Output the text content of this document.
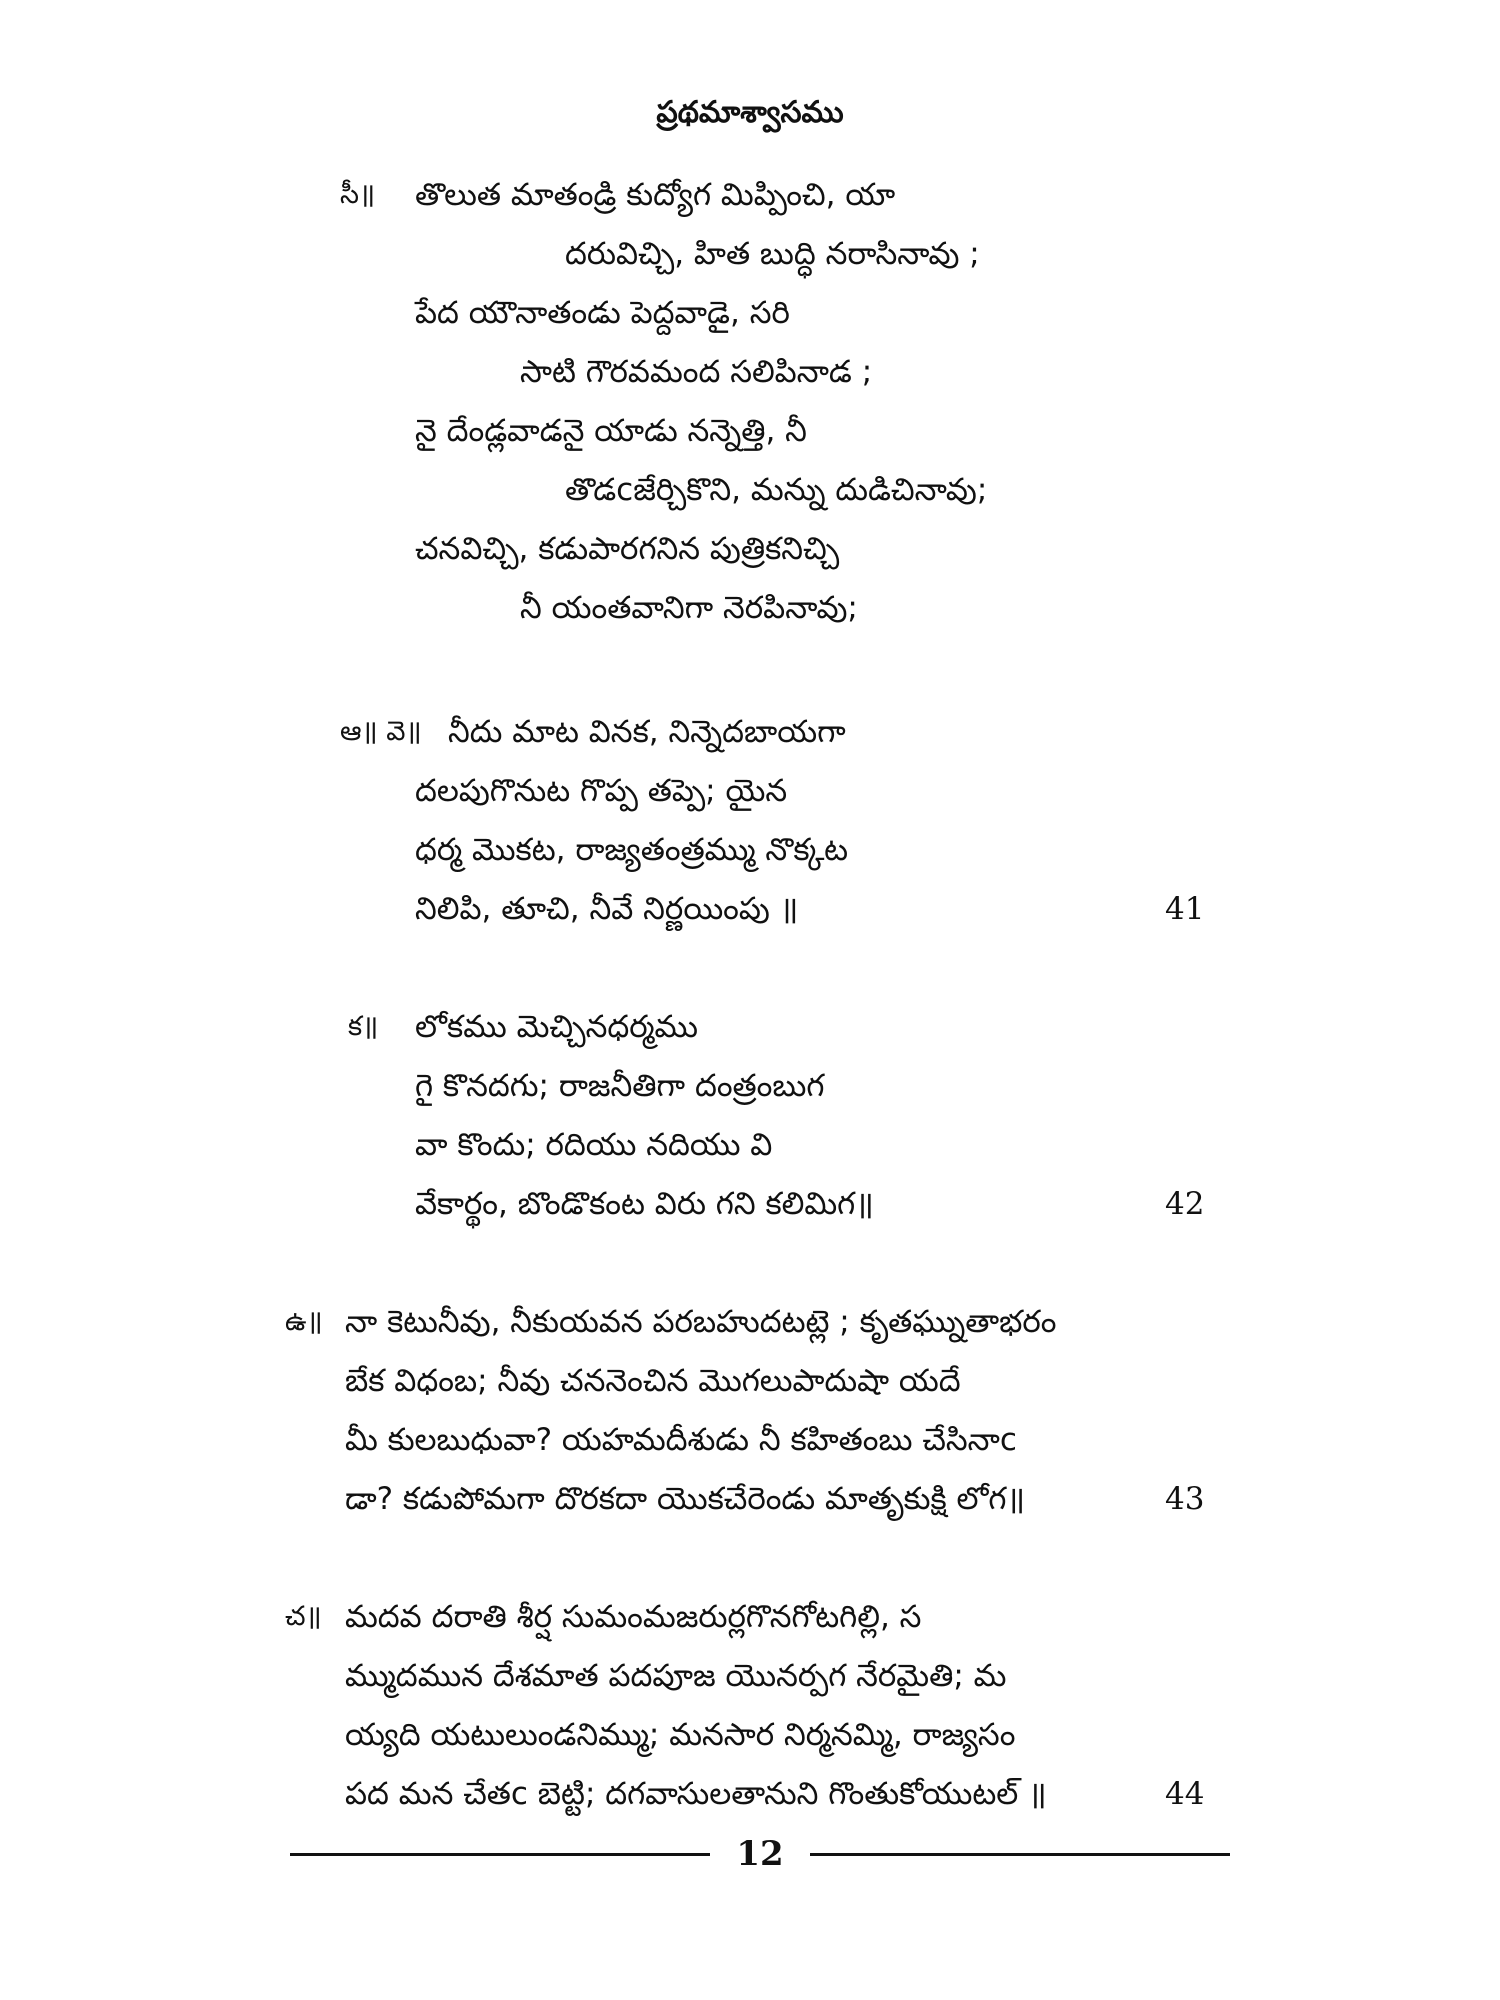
ప్రథమాశ్వాసము
సీ॥ తొలుత మాతండ్రి కుద్యోగ మిప్పించి, యా
దరువిచ్చి, హిత బుద్ధి నరాసినావు ;
పేద యౌనాతండు పెద్దవాడై, సరి
సాటి గౌరవమంద సలిపినాడ ;
నై దేండ్లవాడనై యాడు నన్నెత్తి, నీ
తొడcజేర్చికొని, మన్ను దుడిచినావు;
చనవిచ్చి, కడుపారగనిన పుత్రికనిచ్చి
నీ యంతవానిగా నెరపినావు;
ఆ॥ వె॥ నీదు మాట వినక, నిన్నెదబాయగా
దలపుగొనుట గొప్ప తప్పె; యైన
ధర్మ మొకట, రాజ్యతంత్రమ్ము నొక్కట
నిలిపి, తూచి, నీవే నిర్ణయింపు ॥	41
క॥ లోకము మెచ్చినధర్మము
గై కొనదగు; రాజనీతిగా దంత్రంబుగ
వా కొందు; రదియు నదియు వి
వేకార్థం, బొండొకంట విరు గని కలిమిగ॥	42
ఉ॥ నా కెటునీవు, నీకుయవన పరబహుదటట్లె ; కృతఘ్నుతాభరం
బేక విధంబ; నీవు చననెంచిన మొగలుపాదుషా యదే
మీ కులబుధువా? యహమదీశుడు నీ కహితంబు చేసినాc
డా? కడుపోమగా దొరకదా యొకచేరెండు మాతృకుక్షి లోగ॥	43
చ॥ మదవ దరాతి శీర్ష సుమంమజరుర్లగొనగోటగిల్లి, స
మ్ముదమున దేశమాత పదపూజ యొనర్పగ నేరమైతి; మ
య్యది యటులుండనిమ్ము; మనసార నిర్మనమ్మి, రాజ్యసం
పద మన చేతc బెట్టి; దగవాసులతానుని గొంతుకోయుటల్ ॥	44
12
